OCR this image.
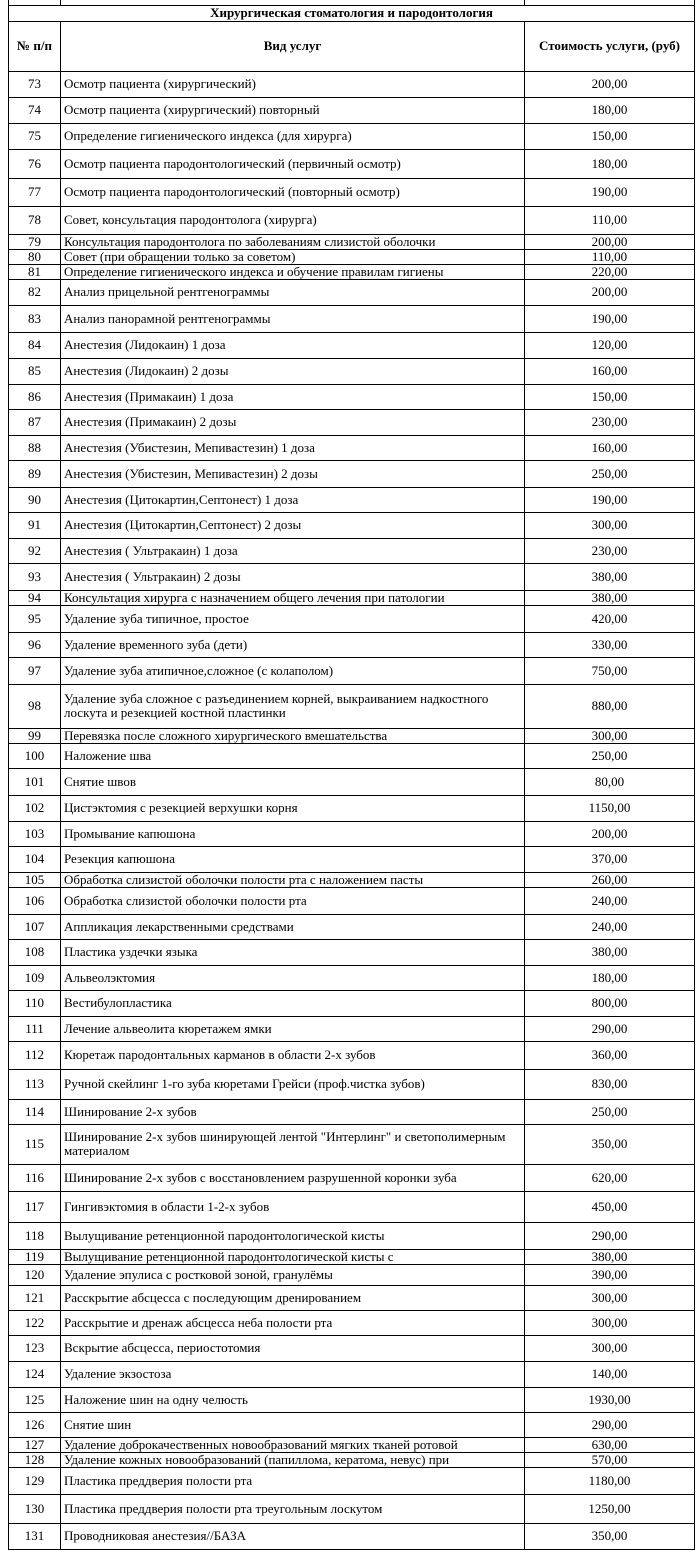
Хирургическая стоматология и пародонтология		
№ п/п	Вид услуг	Стоимость услуги, (руб)
73	Осмотр пациента (хирургический)	200,00
74	Осмотр пациента (хирургический) повторный	180,00
75	Определение гигиенического индекса (для хирурга)	150,00
76	Осмотр пациента пародонтологический (первичный осмотр)	180,00
77	Осмотр пациента пародонтологический (повторный осмотр)	190,00
78	Совет, консультация пародонтолога (хирурга)	110,00
79	Консультация пародонтолога по заболеваниям слизистой оболочки	200,00
80	Совет (при обращении только за советом)	110,00
81	Определение гигиенического индекса и обучение правилам гигиены	220,00
82	Анализ прицельной рентгенограммы	200,00
83	Анализ панорамной рентгенограммы	190,00
84	Анестезия (Лидокаин) 1 доза	120,00
85	Анестезия (Лидокаин) 2 дозы	160,00
86	Анестезия (Примакаин) 1 доза	150,00
87	Анестезия (Примакаин) 2 дозы	230,00
88	Анестезия (Убистезин, Мепивастезин) 1 доза	160,00
89	Анестезия (Убистезин, Мепивастезин) 2 дозы	250,00
90	Анестезия (Цитокартин,Септонест) 1 доза	190,00
91	Анестезия (Цитокартин,Септонест) 2 дозы	300,00
92	Анестезия ( Ультракаин) 1 доза	230,00
93	Анестезия ( Ультракаин) 2 дозы	380,00
94	Консультация хирурга с назначением общего лечения при патологии	380,00
95	Удаление зуба типичное, простое	420,00
96	Удаление временного зуба (дети)	330,00
97	Удаление зуба атипичное,сложное (с колаполом)	750,00
98	Удаление зуба сложное с разъединением корней, выкраиванием надкостного лоскута и резекцией костной пластинки	880,00
99	Перевязка после сложного хирургического вмешательства	300,00
100	Наложение шва	250,00
101	Снятие швов	80,00
102	Цистэктомия с резекцией верхушки корня	1150,00
103	Промывание капюшона	200,00
104	Резекция капюшона	370,00
105	Обработка слизистой оболочки полости рта с наложением пасты	260,00
106	Обработка слизистой оболочки полости рта	240,00
107	Аппликация лекарственными средствами	240,00
108	Пластика уздечки языка	380,00
109	Альвеолэктомия	180,00
110	Вестибулопластика	800,00
111	Лечение альвеолита кюретажем ямки	290,00
112	Кюретаж пародонтальных карманов в области 2-х зубов	360,00
113	Ручной скейлинг 1-го зуба кюретами Грейси (проф.чистка зубов)	830,00
114	Шинирование 2-х зубов	250,00
115	Шинирование 2-х зубов шинирующей лентой "Интерлинг" и светополимерным материалом	350,00
116	Шинирование 2-х зубов с восстановлением разрушенной коронки зуба	620,00
117	Гингивэктомия в области 1-2-х зубов	450,00
118	Вылущивание ретенционной пародонтологической кисты	290,00
119	Вылущивание ретенционной пародонтологической кисты с	380,00
120	Удаление эпулиса с ростковой зоной, гранулёмы	390,00
121	Расскрытие абсцесса с последующим дренированием	300,00
122	Расскрытие и дренаж абсцесса неба полости рта	300,00
123	Вскрытие абсцесса, периостотомия	300,00
124	Удаление экзостоза	140,00
125	Наложение шин на одну челюсть	1930,00
126	Снятие шин	290,00
127	Удаление доброкачественных новообразований мягких тканей ротовой	630,00
128	Удаление кожных новообразований (папиллома, кератома, невус) при	570,00
129	Пластика преддверия полости рта	1180,00
130	Пластика преддверия полости рта треугольным лоскутом	1250,00
131	Проводниковая анестезия//БАЗА	350,00
